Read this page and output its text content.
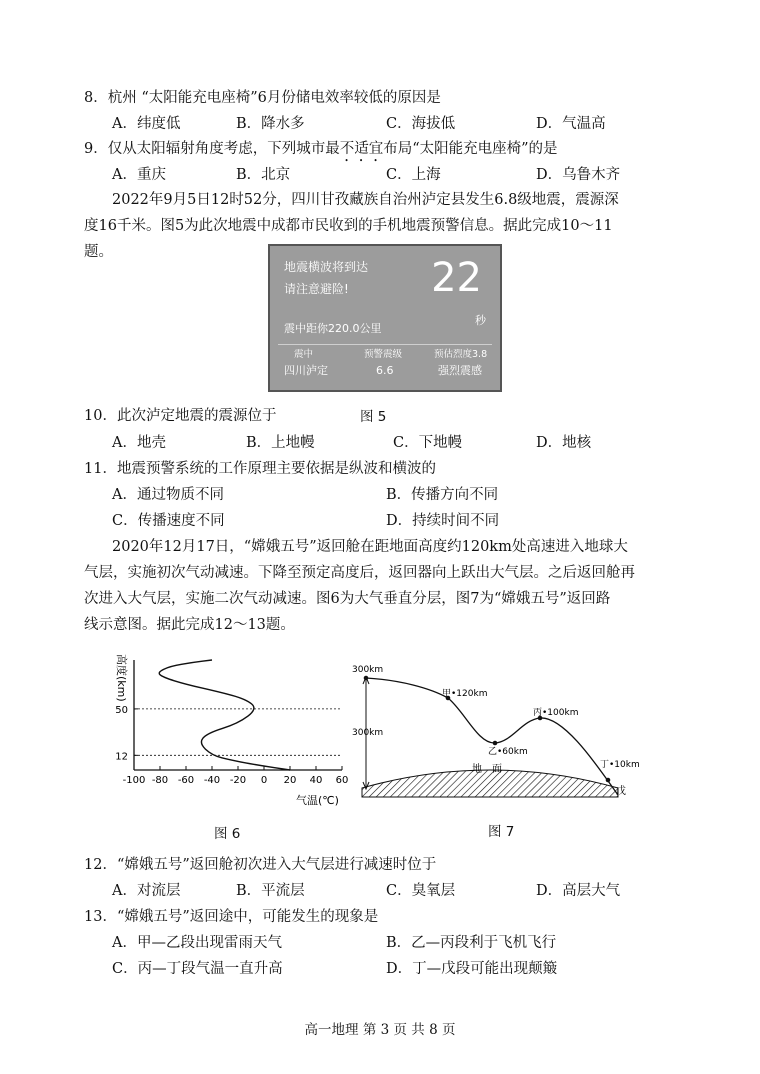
8．杭州 “太阳能充电座椅”6月份储电效率较低的原因是
A．纬度低	B．降水多	C．海拔低	D．气温高
9．仅从太阳辐射角度考虑，下列城市最不适宜布局“太阳能充电座椅”的是
A．重庆	B．北京	C．上海	D．乌鲁木齐
2022年9月5日12时52分，四川甘孜藏族自治州泸定县发生6.8级地震，震源深
度16千米。图5为此次地震中成都市民收到的手机地震预警信息。据此完成10～11
题。
地震横波将到达
请注意避险! 22
秒
震中距你220.0公里
震中
四川泸定
预警震级
6.6
预估烈度3.8
强烈震感
图 5
10．此次泸定地震的震源位于
A．地壳	B．上地幔	C．下地幔	D．地核
11．地震预警系统的工作原理主要依据是纵波和横波的
A．通过物质不同	B．传播方向不同
C．传播速度不同	D．持续时间不同
2020年12月17日，“嫦娥五号”返回舱在距地面高度约120km处高速进入地球大
气层，实施初次气动减速。下降至预定高度后，返回器向上跃出大气层。之后返回舱再
次进入大气层，实施二次气动减速。图6为大气垂直分层，图7为“嫦娥五号”返回路
线示意图。据此完成12～13题。
-100 -80 -60 -40 -20 0 20 40 60
12
50
高度(km)
气温(℃)
图 6
300km
300km
甲•120km
乙•60km
丙•100km
丁•10km
戊
地　面
图 7
12．“嫦娥五号”返回舱初次进入大气层进行减速时位于
A．对流层	B．平流层	C．臭氧层	D．高层大气
13．“嫦娥五号”返回途中，可能发生的现象是
A．甲—乙段出现雷雨天气	B．乙—丙段利于飞机飞行
C．丙—丁段气温一直升高	D．丁—戊段可能出现颠簸
高一地理 第 3 页 共 8 页
